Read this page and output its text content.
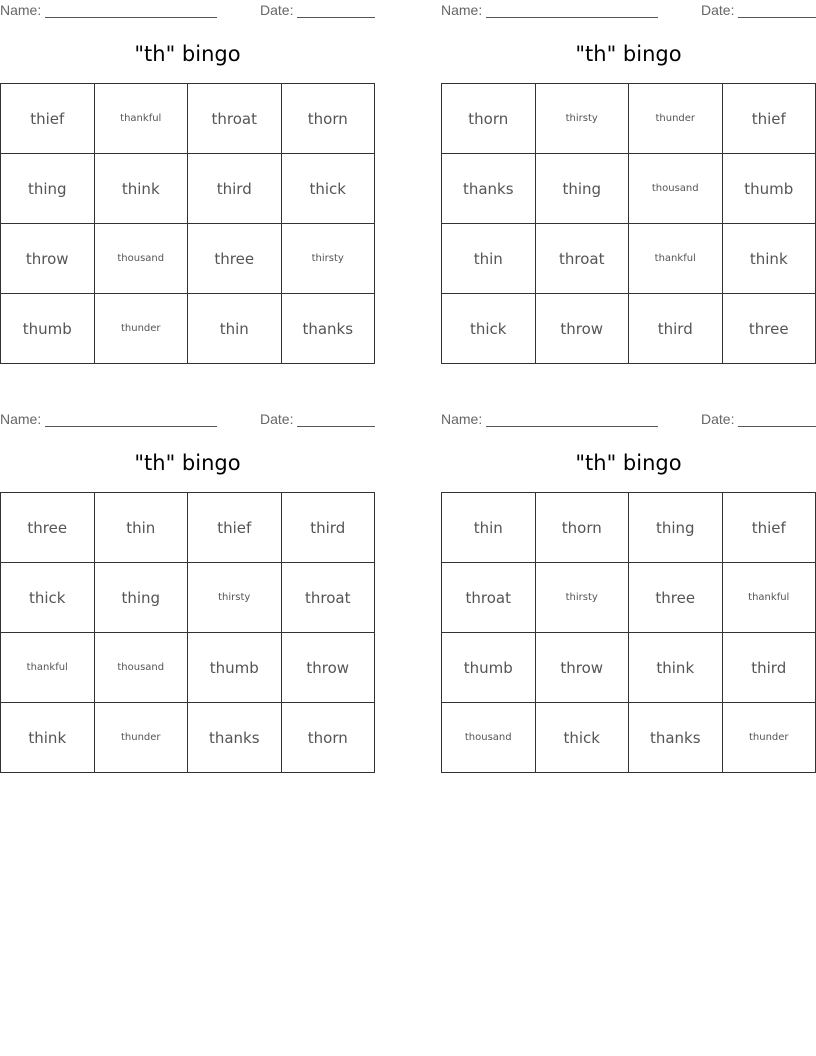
Name:	Date:
"th" bingo
thief	thankful	throat	thorn
thing	think	third	thick
throw	thousand	three	thirsty
thumb	thunder	thin	thanks
Name:	Date:
"th" bingo
thorn	thirsty	thunder	thief
thanks	thing	thousand	thumb
thin	throat	thankful	think
thick	throw	third	three
Name:	Date:
"th" bingo
three	thin	thief	third
thick	thing	thirsty	throat
thankful	thousand	thumb	throw
think	thunder	thanks	thorn
Name:	Date:
"th" bingo
thin	thorn	thing	thief
throat	thirsty	three	thankful
thumb	throw	think	third
thousand	thick	thanks	thunder
